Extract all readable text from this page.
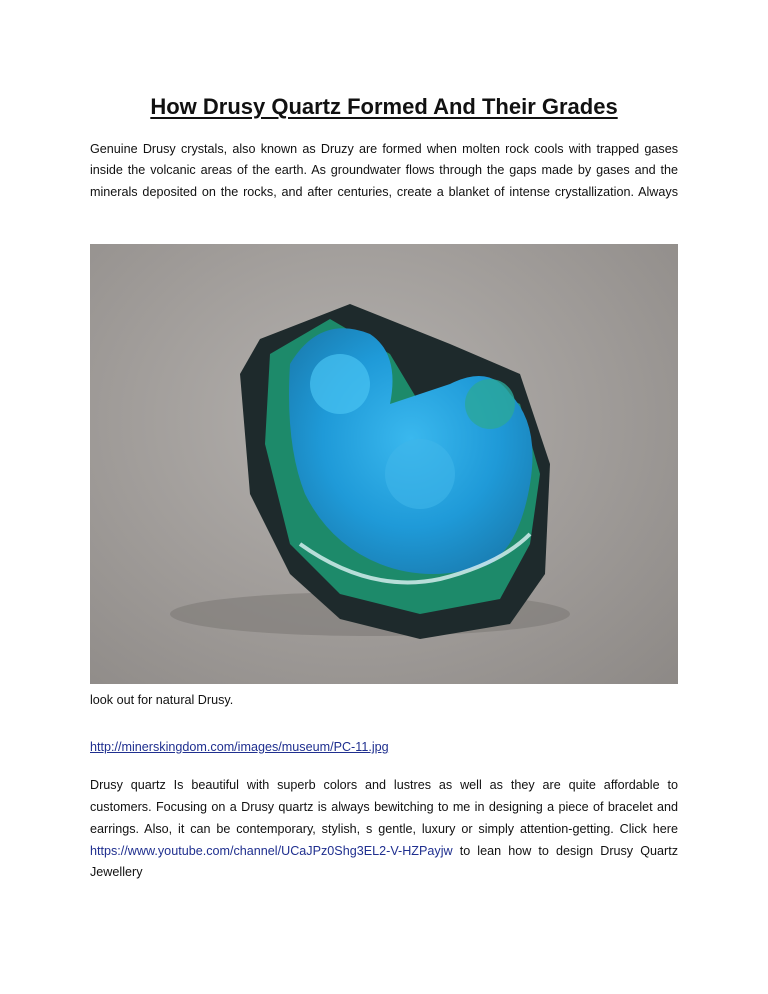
How Drusy Quartz Formed And Their Grades
Genuine Drusy crystals, also known as Druzy are formed when molten rock cools with trapped gases
inside the volcanic areas of the earth. As groundwater flows through the gaps made by gases and the
minerals deposited on the rocks, and after centuries, create a blanket of intense crystallization. Always
look out for natural Drusy.
http://minerskingdom.com/images/museum/PC-11.jpg
Drusy quartz Is beautiful with superb colors and lustres as well as they are quite affordable to
customers. Focusing on a Drusy quartz is always bewitching to me in designing a piece of bracelet and
earrings. Also, it can be contemporary, stylish, s gentle, luxury or simply attention-getting. Click here
https://www.youtube.com/channel/UCaJPz0Shg3EL2-V-HZPayjw to lean how to design Drusy Quartz
Jewellery
